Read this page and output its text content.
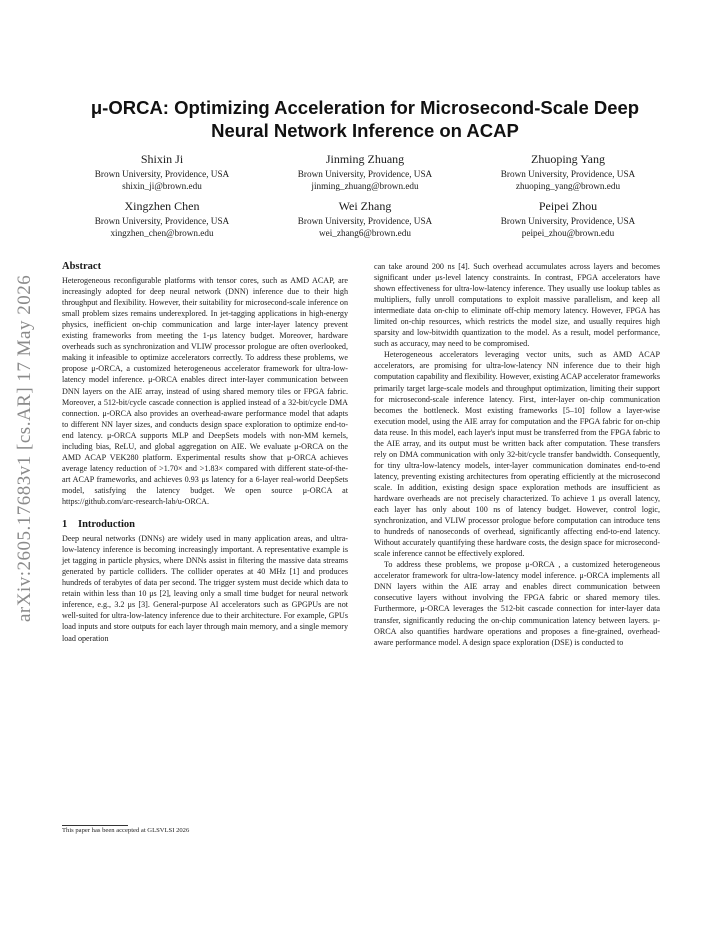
arXiv:2605.17683v1 [cs.AR] 17 May 2026
μ-ORCA: Optimizing Acceleration for Microsecond-Scale Deep Neural Network Inference on ACAP
Shixin Ji
Brown University, Providence, USA
shixin_ji@brown.edu
Jinming Zhuang
Brown University, Providence, USA
jinming_zhuang@brown.edu
Zhuoping Yang
Brown University, Providence, USA
zhuoping_yang@brown.edu
Xingzhen Chen
Brown University, Providence, USA
xingzhen_chen@brown.edu
Wei Zhang
Brown University, Providence, USA
wei_zhang6@brown.edu
Peipei Zhou
Brown University, Providence, USA
peipei_zhou@brown.edu
Abstract

Heterogeneous reconfigurable platforms with tensor cores, such as AMD ACAP, are increasingly adopted for deep neural network (DNN) inference due to their high throughput and flexibility. However, their suitability for microsecond-scale inference on small problem sizes remains underexplored. In jet-tagging applications in high-energy physics, inefficient on-chip communication and large inter-layer latency prevent existing frameworks from meeting the 1-μs latency budget. Moreover, hardware overheads such as synchronization and VLIW processor prologue are often overlooked, making it infeasible to optimize accelerators correctly. To address these problems, we propose μ-ORCA, a customized heterogeneous accelerator framework for ultra-low-latency model inference. μ-ORCA enables direct inter-layer communication between DNN layers on the AIE array, instead of using shared memory tiles or FPGA fabric. Moreover, a 512-bit/cycle cascade connection is applied instead of a 32-bit/cycle DMA connection. μ-ORCA also provides an overhead-aware performance model that adapts to different NN layer sizes, and conducts design space exploration to optimize end-to-end latency. μ-ORCA supports MLP and DeepSets models with non-MM kernels, including bias, ReLU, and global aggregation on AIE. We evaluate μ-ORCA on the AMD ACAP VEK280 platform. Experimental results show that μ-ORCA achieves average latency reduction of >1.70× and >1.83× compared with different state-of-the-art ACAP frameworks, and achieves 0.93 μs latency for a 6-layer real-world DeepSets model, satisfying the latency budget. We open source μ-ORCA at https://github.com/arc-research-lab/u-ORCA.

1 Introduction

Deep neural networks (DNNs) are widely used in many application areas, and ultra-low-latency inference is becoming increasingly important. A representative example is jet tagging in particle physics, where DNNs assist in filtering the massive data streams generated by particle colliders. The collider operates at 40 MHz [1] and produces hundreds of terabytes of data per second. The trigger system must decide which data to retain within less than 10 μs [2], leaving only a small time budget for neural network inference, e.g., 3.2 μs [3]. General-purpose AI accelerators such as GPGPUs are not well-suited for ultra-low-latency inference due to their architecture. For example, GPUs load inputs and store outputs for each layer through main memory, and a single memory load operation

can take around 200 ns [4]. Such overhead accumulates across layers and becomes significant under μs-level latency constraints. In contrast, FPGA accelerators have shown effectiveness for ultra-low-latency inference. They usually use lookup tables as multipliers, fully unroll computations to exploit massive parallelism, and keep all intermediate data on-chip to eliminate off-chip memory latency. However, FPGA has limited on-chip resources, which restricts the model size, and usually requires high sparsity and low-bitwidth quantization to the model. As a result, model performance, such as accuracy, may need to be compromised.

Heterogeneous accelerators leveraging vector units, such as AMD ACAP accelerators, are promising for ultra-low-latency NN inference due to their high computation capability and flexibility. However, existing ACAP accelerator frameworks primarily target large-scale models and throughput optimization, limiting their support for microsecond-scale inference latency. First, inter-layer on-chip communication becomes the bottleneck. Most existing frameworks [5–10] follow a layer-wise execution model, using the AIE array for computation and the FPGA fabric for on-chip data reuse. In this model, each layer's input must be transferred from the FPGA fabric to the AIE array, and its output must be written back after computation. These transfers rely on DMA communication with only 32-bit/cycle transfer bandwidth. Consequently, for tiny ultra-low-latency models, inter-layer communication dominates end-to-end latency, preventing existing architectures from operating efficiently at the microsecond scale. In addition, existing design space exploration methods are insufficient as hardware overheads are not precisely characterized. To achieve 1 μs overall latency, each layer has only about 100 ns of latency budget. However, control logic, synchronization, and VLIW processor prologue before computation can introduce tens to hundreds of nanoseconds of overhead, significantly affecting end-to-end latency. Without accurately quantifying these hardware costs, the design space for microsecond-scale inference cannot be effectively explored.

To address these problems, we propose μ-ORCA , a customized heterogeneous accelerator framework for ultra-low-latency model inference. μ-ORCA implements all DNN layers within the AIE array and enables direct communication between consecutive layers without involving the FPGA fabric or shared memory tiles. Furthermore, μ-ORCA leverages the 512-bit cascade connection for inter-layer data transfer, significantly reducing the on-chip communication latency between layers. μ-ORCA also quantifies hardware operations and proposes a fine-grained, overhead-aware performance model. A design space exploration (DSE) is conducted to

This paper has been accepted at GLSVLSI 2026
